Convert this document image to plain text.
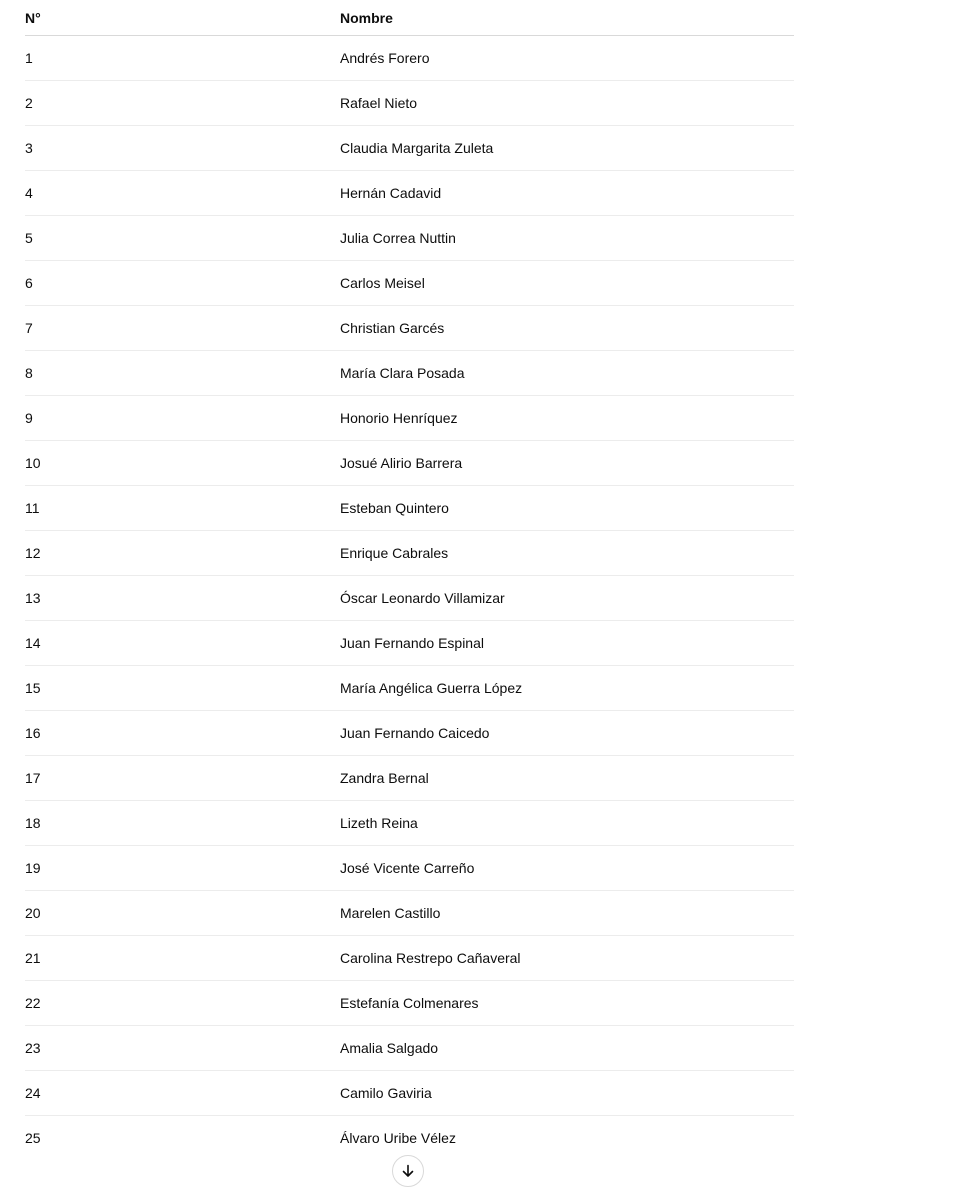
N°	Nombre
1	Andrés Forero
2	Rafael Nieto
3	Claudia Margarita Zuleta
4	Hernán Cadavid
5	Julia Correa Nuttin
6	Carlos Meisel
7	Christian Garcés
8	María Clara Posada
9	Honorio Henríquez
10	Josué Alirio Barrera
11	Esteban Quintero
12	Enrique Cabrales
13	Óscar Leonardo Villamizar
14	Juan Fernando Espinal
15	María Angélica Guerra López
16	Juan Fernando Caicedo
17	Zandra Bernal
18	Lizeth Reina
19	José Vicente Carreño
20	Marelen Castillo
21	Carolina Restrepo Cañaveral
22	Estefanía Colmenares
23	Amalia Salgado
24	Camilo Gaviria
25	Álvaro Uribe Vélez
